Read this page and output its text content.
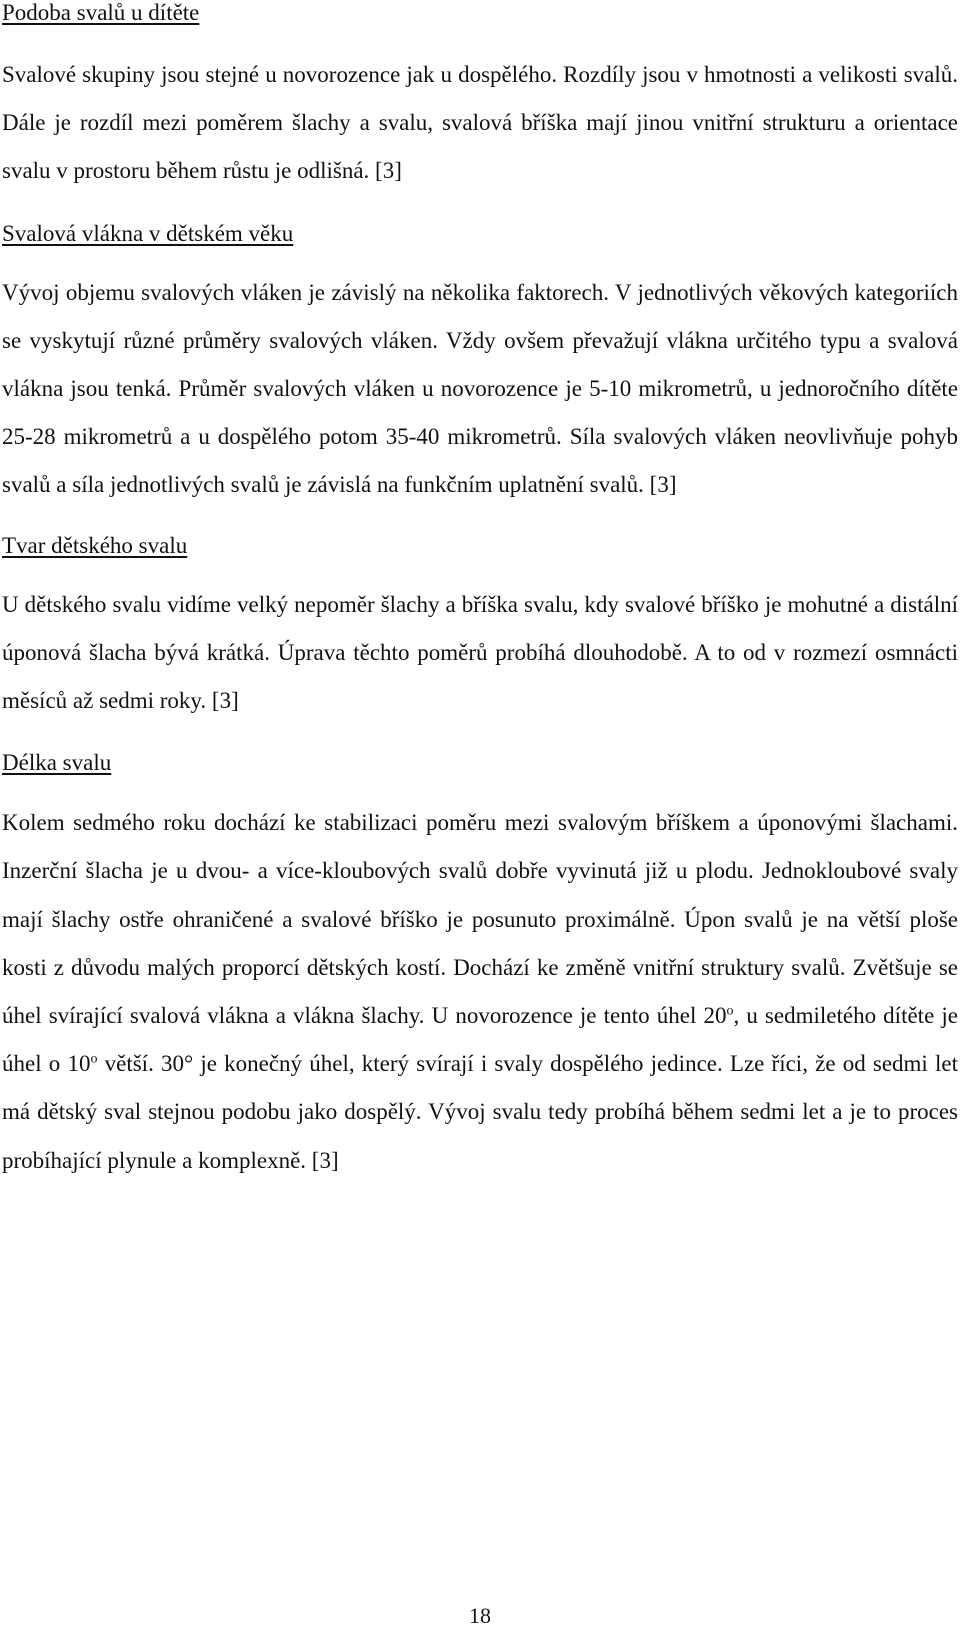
Podoba svalů u dítěte

Svalové skupiny jsou stejné u novorozence jak u dospělého. Rozdíly jsou v hmotnosti a velikosti svalů. Dále je rozdíl mezi poměrem šlachy a svalu, svalová bříška mají jinou vnitřní strukturu a orientace svalu v prostoru během růstu je odlišná. [3]

Svalová vlákna v dětském věku

Vývoj objemu svalových vláken je závislý na několika faktorech. V jednotlivých věkových kategoriích se vyskytují různé průměry svalových vláken. Vždy ovšem převažují vlákna určitého typu a svalová vlákna jsou tenká. Průměr svalových vláken u novorozence je 5-10 mikrometrů, u jednoročního dítěte 25-28 mikrometrů a u dospělého potom 35-40 mikrometrů. Síla svalových vláken neovlivňuje pohyb svalů a síla jednotlivých svalů je závislá na funkčním uplatnění svalů. [3]

Tvar dětského svalu

U dětského svalu vidíme velký nepoměr šlachy a bříška svalu, kdy svalové bříško je mohutné a distální úponová šlacha bývá krátká. Úprava těchto poměrů probíhá dlouhodobě. A to od v rozmezí osmnácti měsíců až sedmi roky. [3]

Délka svalu

Kolem sedmého roku dochází ke stabilizaci poměru mezi svalovým bříškem a úponovými šlachami. Inzerční šlacha je u dvou- a více-kloubových svalů dobře vyvinutá již u plodu. Jednokloubové svaly mají šlachy ostře ohraničené a svalové bříško je posunuto proximálně. Úpon svalů je na větší ploše kosti z důvodu malých proporcí dětských kostí. Dochází ke změně vnitřní struktury svalů. Zvětšuje se úhel svírající svalová vlákna a vlákna šlachy. U novorozence je tento úhel 20$^o$, u sedmiletého dítěte je úhel o 10$^o$ větší. 30° je konečný úhel, který svírají i svaly dospělého jedince. Lze říci, že od sedmi let má dětský sval stejnou podobu jako dospělý. Vývoj svalu tedy probíhá během sedmi let a je to proces probíhající plynule a komplexně. [3]

18
